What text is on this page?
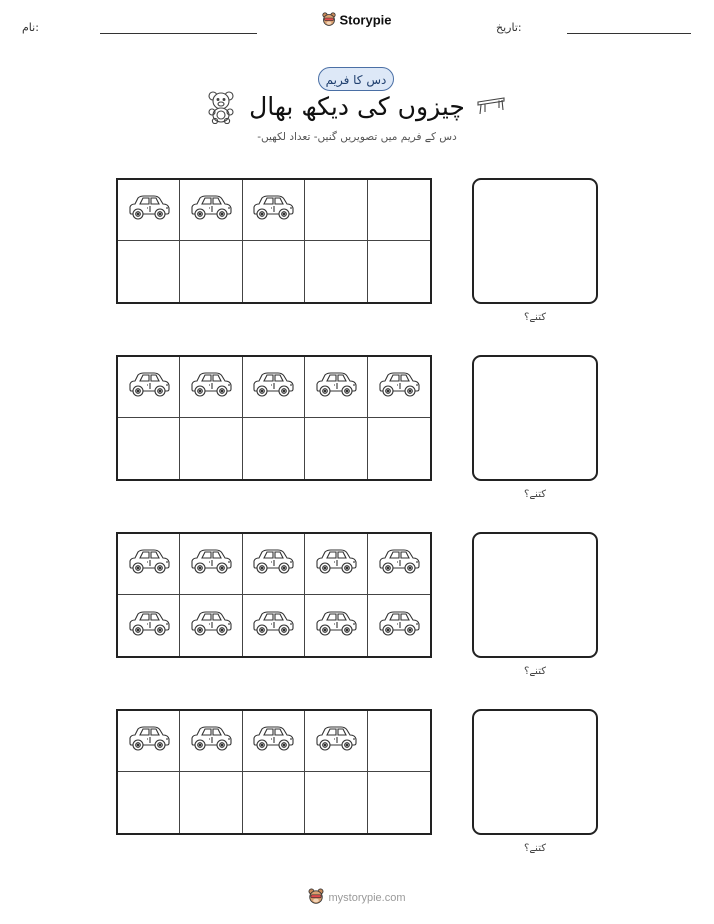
نام:
Storypie
تاریخ:
دس کا فریم
چیزوں کی دیکھ بھال
دس کے فریم میں تصویریں گنیں- تعداد لکھیں-
کتنے؟
کتنے؟
کتنے؟
کتنے؟
mystorypie.com
